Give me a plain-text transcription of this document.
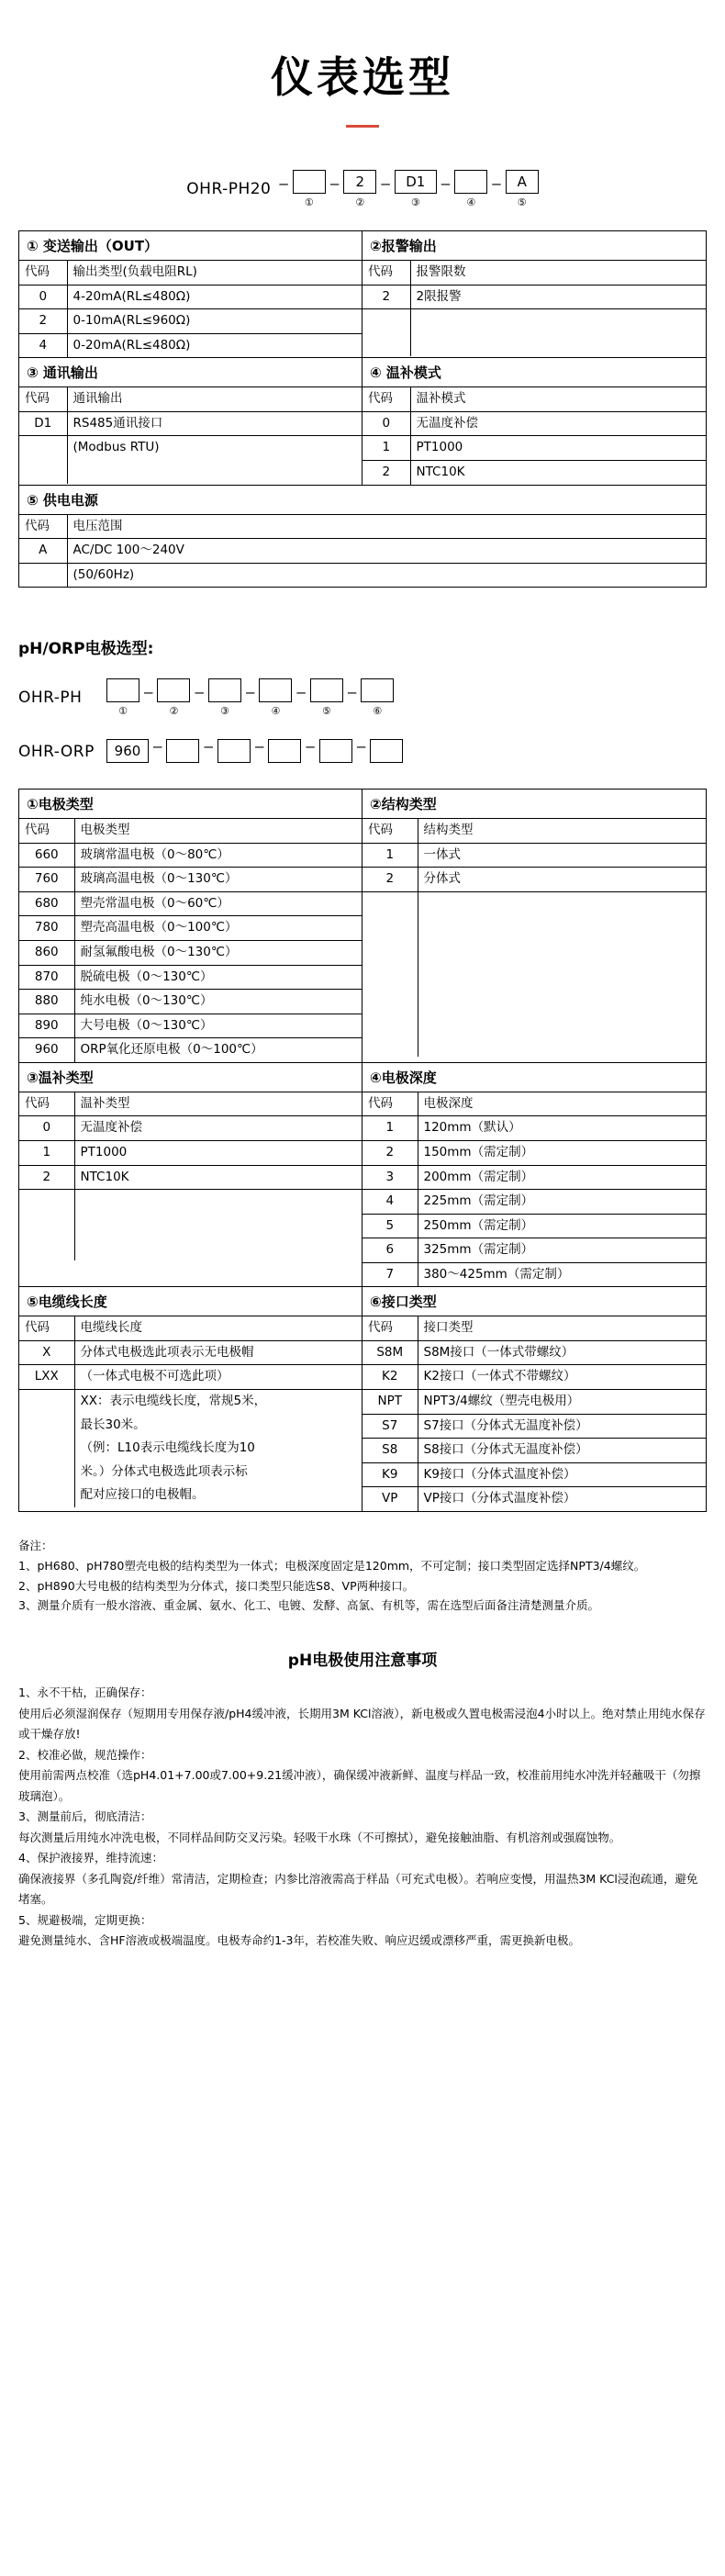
仪表选型
OHR-PH20 –
①
–	2
②
–	D1
③
–
④
–	A
⑤
① 变送输出（OUT）
代码	输出类型(负载电阻RL)
0	4-20mA(RL≤480Ω)
2	0-10mA(RL≤960Ω)
4	0-20mA(RL≤480Ω)
②报警输出
代码	报警限数
2	2限报警

③ 通讯输出
代码	通讯输出
D1	RS485通讯接口
	(Modbus RTU)

④ 温补模式
代码	温补模式
0	无温度补偿
1	PT1000
2	NTC10K
⑤ 供电电源
代码	电压范围
A	AC/DC 100～240V
	(50/60Hz)
pH/ORP电极选型:
OHR-PH
①
–
②
–
③
–
④
–
⑤
–
⑥
OHR-ORP	960 –	–	–	–	–
①电极类型
代码	电极类型
660	玻璃常温电极（0～80℃）
760	玻璃高温电极（0～130℃）
680	塑壳常温电极（0～60℃）
780	塑壳高温电极（0～100℃）
860	耐氢氟酸电极（0～130℃）
870	脱硫电极（0～130℃）
880	纯水电极（0～130℃）
890	大号电极（0～130℃）
960	ORP氧化还原电极（0～100℃）
②结构类型
代码	结构类型
1	一体式
2	分体式

③温补类型
代码	温补类型
0	无温度补偿
1	PT1000
2	NTC10K

④电极深度
代码	电极深度
1	120mm（默认）
2	150mm（需定制）
3	200mm（需定制）
4	225mm（需定制）
5	250mm（需定制）
6	325mm（需定制）
7	380～425mm（需定制）
⑤电缆线长度
代码	电缆线长度
X	分体式电极选此项表示无电极帽
LXX	（一体式电极不可选此项）
	XX：表示电缆线长度，常规5米，
	最长30米。
	（例：L10表示电缆线长度为10
	米。）分体式电极选此项表示标
	配对应接口的电极帽。
⑥接口类型
代码	接口类型
S8M	S8M接口（一体式带螺纹）
K2	K2接口（一体式不带螺纹）
NPT	NPT3/4螺纹（塑壳电极用）
S7	S7接口（分体式无温度补偿）
S8	S8接口（分体式无温度补偿）
K9	K9接口（分体式温度补偿）
VP	VP接口（分体式温度补偿）
备注：
1、pH680、pH780塑壳电极的结构类型为一体式；电极深度固定是120mm，不可定制；接口类型固定选择NPT3/4螺纹。
2、pH890大号电极的结构类型为分体式，接口类型只能选S8、VP两种接口。
3、测量介质有一般水溶液、重金属、氨水、化工、电镀、发酵、高氯、有机等，需在选型后面备注清楚测量介质。
pH电极使用注意事项

1、永不干枯，正确保存：

使用后必须湿润保存（短期用专用保存液/pH4缓冲液，长期用3M KCl溶液），新电极或久置电极需浸泡4小时以上。绝对禁止用纯水保存或干燥存放!

2、校准必做，规范操作：

使用前需两点校准（选pH4.01+7.00或7.00+9.21缓冲液），确保缓冲液新鲜、温度与样品一致，校准前用纯水冲洗并轻蘸吸干（勿擦玻璃泡）。

3、测量前后，彻底清洁：

每次测量后用纯水冲洗电极，不同样品间防交叉污染。轻吸干水珠（不可擦拭），避免接触油脂、有机溶剂或强腐蚀物。

4、保护液接界，维持流速：

确保液接界（多孔陶瓷/纤维）常清洁，定期检查；内参比溶液需高于样品（可充式电极）。若响应变慢，用温热3M KCl浸泡疏通，避免堵塞。

5、规避极端，定期更换：

避免测量纯水、含HF溶液或极端温度。电极寿命约1-3年，若校准失败、响应迟缓或漂移严重，需更换新电极。
